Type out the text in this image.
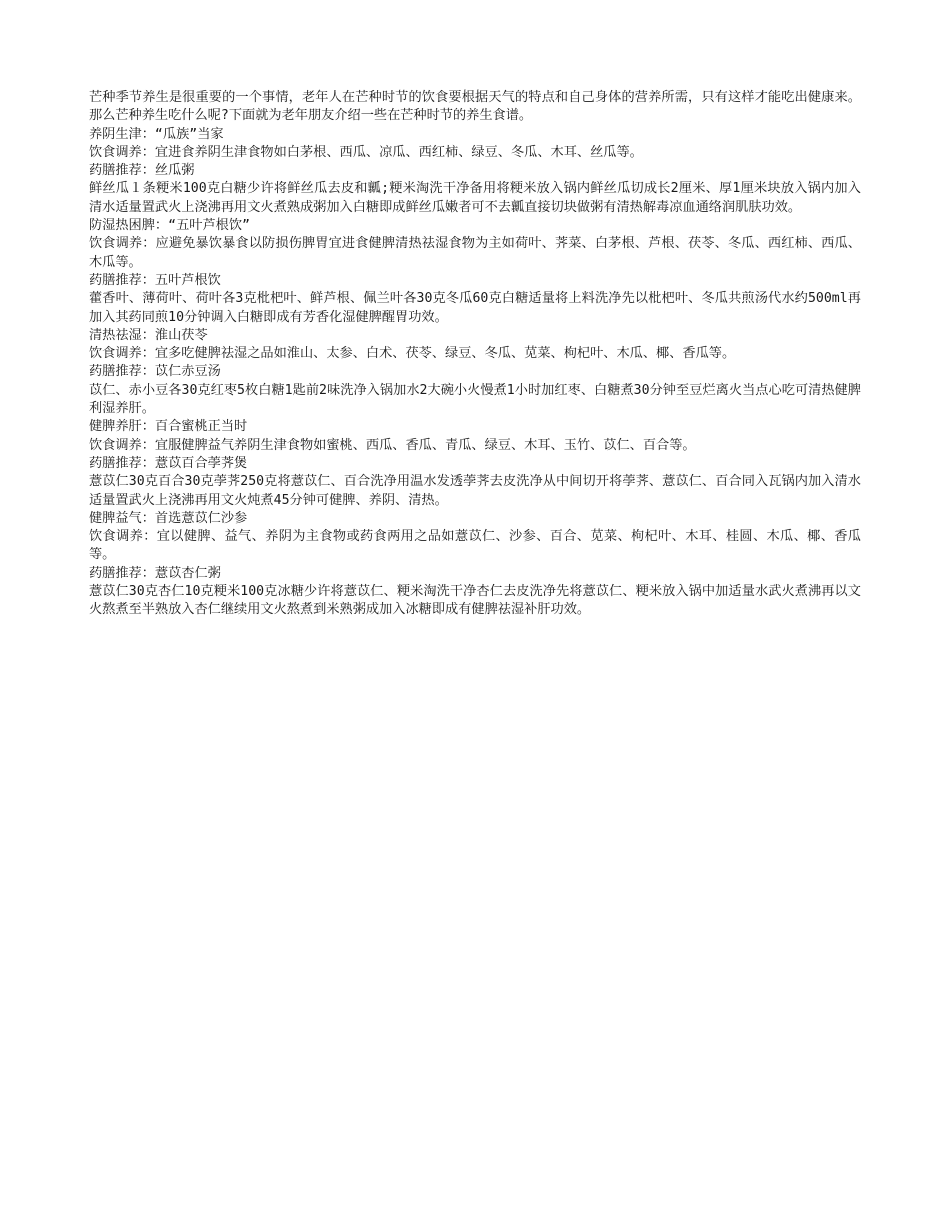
芒种季节养生是很重要的一个事情，老年人在芒种时节的饮食要根据天气的特点和自己身体的营养所需，只有这样才能吃出健康来。那么芒种养生吃什么呢?下面就为老年朋友介绍一些在芒种时节的养生食谱。

养阴生津：“瓜族”当家

饮食调养：宜进食养阴生津食物如白茅根、西瓜、凉瓜、西红柿、绿豆、冬瓜、木耳、丝瓜等。

药膳推荐：丝瓜粥

鲜丝瓜１条粳米100克白糖少许将鲜丝瓜去皮和瓤;粳米淘洗干净备用将粳米放入锅内鲜丝瓜切成长2厘米、厚1厘米块放入锅内加入清水适量置武火上浇沸再用文火煮熟成粥加入白糖即成鲜丝瓜嫩者可不去瓤直接切块做粥有清热解毒凉血通络润肌肤功效。

防湿热困脾：“五叶芦根饮”

饮食调养：应避免暴饮暴食以防损伤脾胃宜进食健脾清热祛湿食物为主如荷叶、荠菜、白茅根、芦根、茯苓、冬瓜、西红柿、西瓜、木瓜等。

药膳推荐：五叶芦根饮

藿香叶、薄荷叶、荷叶各3克枇杷叶、鲜芦根、佩兰叶各30克冬瓜60克白糖适量将上料洗净先以枇杷叶、冬瓜共煎汤代水约500ml再加入其药同煎10分钟调入白糖即成有芳香化湿健脾醒胃功效。

清热祛湿：淮山茯苓

饮食调养：宜多吃健脾祛湿之品如淮山、太参、白术、茯苓、绿豆、冬瓜、苋菜、枸杞叶、木瓜、椰、香瓜等。

药膳推荐：苡仁赤豆汤

苡仁、赤小豆各30克红枣5枚白糖1匙前2味洗净入锅加水2大碗小火慢煮1小时加红枣、白糖煮30分钟至豆烂离火当点心吃可清热健脾利湿养肝。

健脾养肝：百合蜜桃正当时

饮食调养：宜服健脾益气养阴生津食物如蜜桃、西瓜、香瓜、青瓜、绿豆、木耳、玉竹、苡仁、百合等。

药膳推荐：薏苡百合荸荠煲

薏苡仁30克百合30克荸荠250克将薏苡仁、百合洗净用温水发透荸荠去皮洗净从中间切开将荸荠、薏苡仁、百合同入瓦锅内加入清水适量置武火上浇沸再用文火炖煮45分钟可健脾、养阴、清热。

健脾益气：首选薏苡仁沙参

饮食调养：宜以健脾、益气、养阴为主食物或药食两用之品如薏苡仁、沙参、百合、苋菜、枸杞叶、木耳、桂圆、木瓜、椰、香瓜等。

药膳推荐：薏苡杏仁粥

薏苡仁30克杏仁10克粳米100克冰糖少许将薏苡仁、粳米淘洗干净杏仁去皮洗净先将薏苡仁、粳米放入锅中加适量水武火煮沸再以文火熬煮至半熟放入杏仁继续用文火熬煮到米熟粥成加入冰糖即成有健脾祛湿补肝功效。
